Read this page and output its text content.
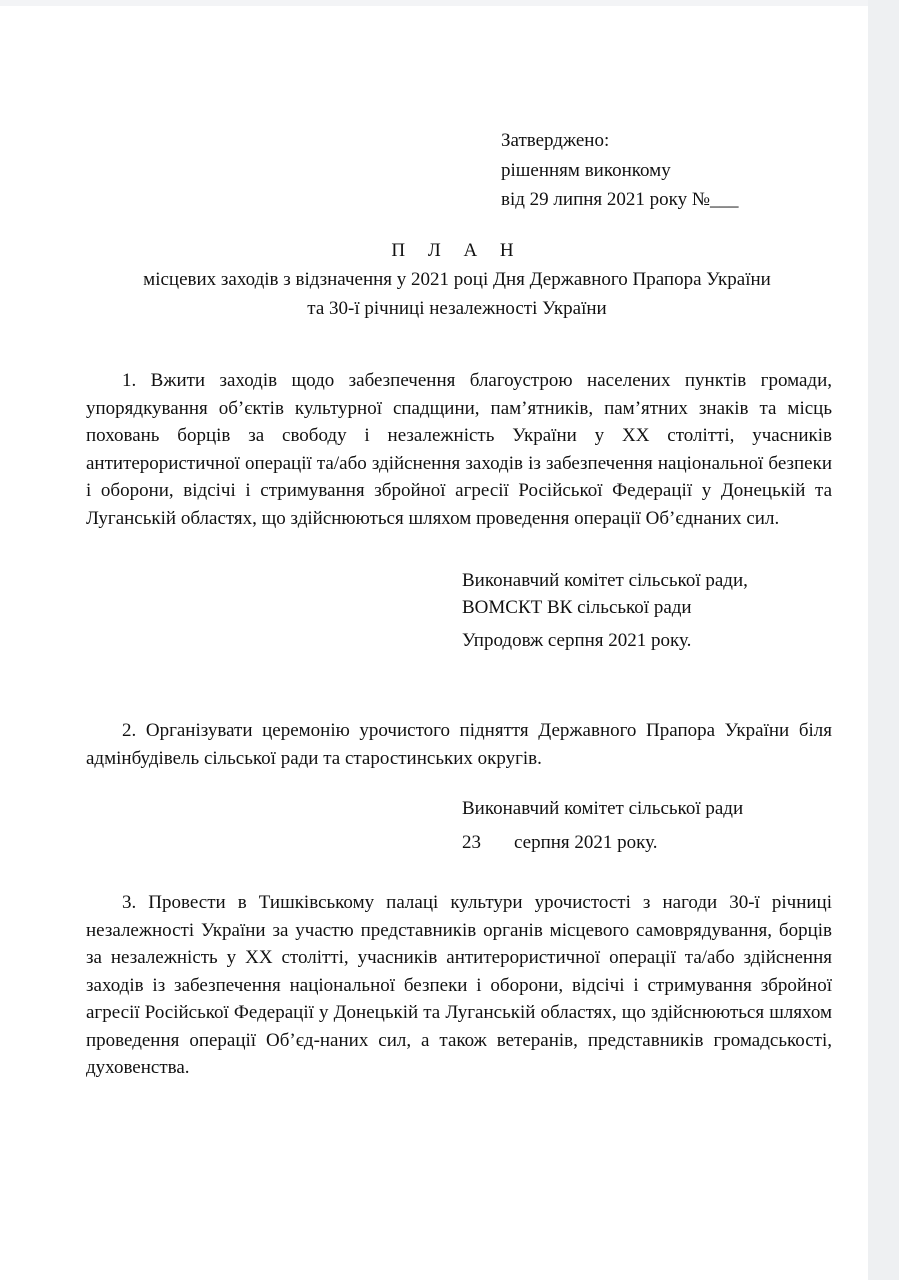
Затверджено:
рішенням виконкому
від 29 липня 2021 року №___
П Л А Н
місцевих заходів з відзначення у 2021 році Дня Державного Прапора України
та 30-ї річниці незалежності України
1. Вжити заходів щодо забезпечення благоустрою населених пунктів громади, упорядкування об’єктів культурної спадщини, пам’ятників, пам’ятних знаків та місць поховань борців за свободу і незалежність України у ХХ столітті, учасників антитерористичної операції та/або здійснення заходів із забезпечення національної безпеки і оборони, відсічі і стримування збройної агресії Російської Федерації у Донецькій та Луганській областях, що здійснюються шляхом проведення операції Об’єднаних сил.
Виконавчий комітет сільської ради,
ВОМСКТ ВК сільської ради
Упродовж серпня 2021 року.
2. Організувати церемонію урочистого підняття Державного Прапора України біля адмінбудівель сільської ради та старостинських округів.
Виконавчий комітет сільської ради
23 серпня 2021 року.
3. Провести в Тишківському палаці культури урочистості з нагоди 30-ї річниці незалежності України за участю представників органів місцевого самоврядування, борців за незалежність у ХХ столітті, учасників антитерористичної операції та/або здійснення заходів із забезпечення національної безпеки і оборони, відсічі і стримування збройної агресії Російської Федерації у Донецькій та Луганській областях, що здійснюються шляхом проведення операції Об’єд-наних сил, а також ветеранів, представників громадськості, духовенства.
